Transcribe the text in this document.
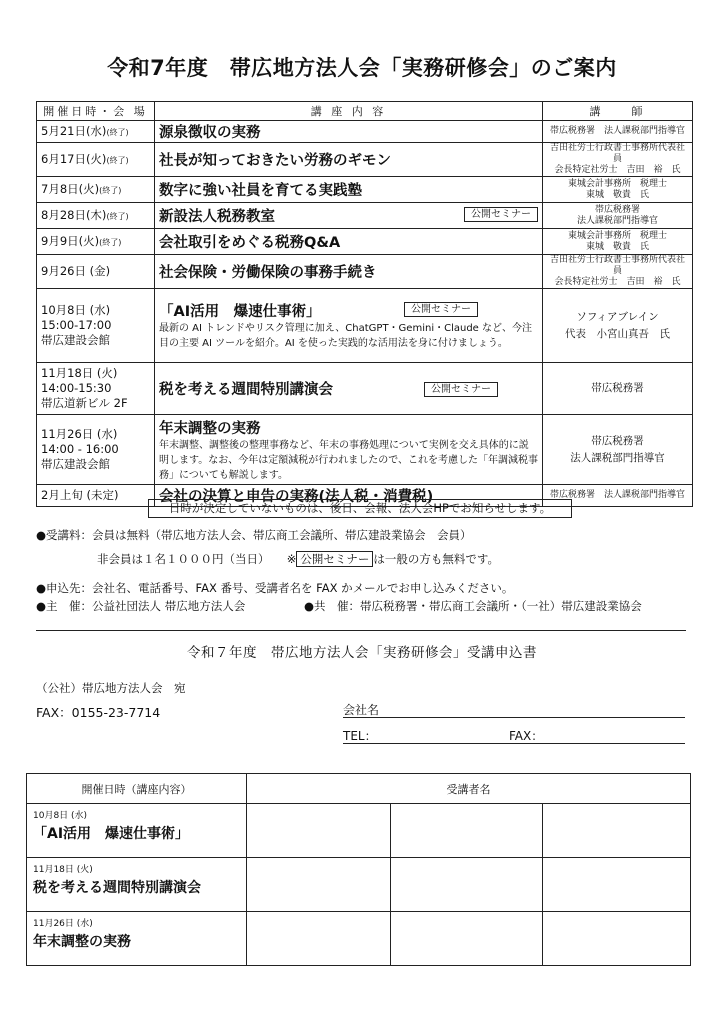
令和7年度　帯広地方法人会「実務研修会」のご案内
開催日時・会 場	講 座 内 容	講　　師
5月21日(水)(終了)	源泉徴収の実務	帯広税務署　法人課税部門指導官
6月17日(火)(終了)	社長が知っておきたい労務のギモン	吉田社労士行政書士事務所代表社員
会長特定社労士　吉田　裕　氏
7月8日(火)(終了)	数字に強い社員を育てる実践塾	東城会計事務所　税理士
東城　敬貴　氏
8月28日(木)(終了)	新設法人税務教室 公開セミナー	帯広税務署
法人課税部門指導官
9月9日(火)(終了)	会社取引をめぐる税務Q&A	東城会計事務所　税理士
東城　敬貴　氏
9月26日 (金)	社会保険・労働保険の事務手続き	吉田社労士行政書士事務所代表社員
会長特定社労士　吉田　裕　氏
10月8日 (水)
15:00-17:00
帯広建設会館	「AI活用　爆速仕事術」 公開セミナー
最新の AI トレンドやリスク管理に加え、ChatGPT・Gemini・Claude など、今注目の主要 AI ツールを紹介。AI を使った実践的な活用法を身に付けましょう。	ソフィアブレイン
代表　小宮山真吾　氏
11月18日 (火)
14:00-15:30
帯広道新ビル 2F	税を考える週間特別講演会 公開セミナー	帯広税務署
11月26日 (水)
14:00 - 16:00
帯広建設会館	年末調整の実務
年末調整、調整後の整理事務など、年末の事務処理について実例を交え具体的に説明します。なお、今年は定額減税が行われましたので、これを考慮した「年調減税事務」についても解説します。	帯広税務署
法人課税部門指導官
2月上旬 (未定)	会社の決算と申告の実務(法人税・消費税)	帯広税務署　法人課税部門指導官
日時が決定していないものは、後日、会報、法人会HPでお知らせします。
●受講料：会員は無料（帯広地方法人会、帯広商工会議所、帯広建設業協会　会員）
非会員は１名１０００円（当日）　　 ※ 公開セミナー は一般の方も無料です。
●申込先：会社名、電話番号、FAX 番号、受講者名を FAX かメールでお申し込みください。
●主　催：公益社団法人 帯広地方法人会	●共　催：帯広税務署・帯広商工会議所・（一社）帯広建設業協会
令和７年度　帯広地方法人会「実務研修会」受講申込書
（公社）帯広地方法人会　宛
FAX：0155-23-7714	会社名
TEL：	FAX：
開催日時（講座内容）	受講者名		

10月8日 (水)
「AI活用　爆速仕事術」			

11月18日 (火)
税を考える週間特別講演会			

11月26日 (水)
年末調整の実務			
